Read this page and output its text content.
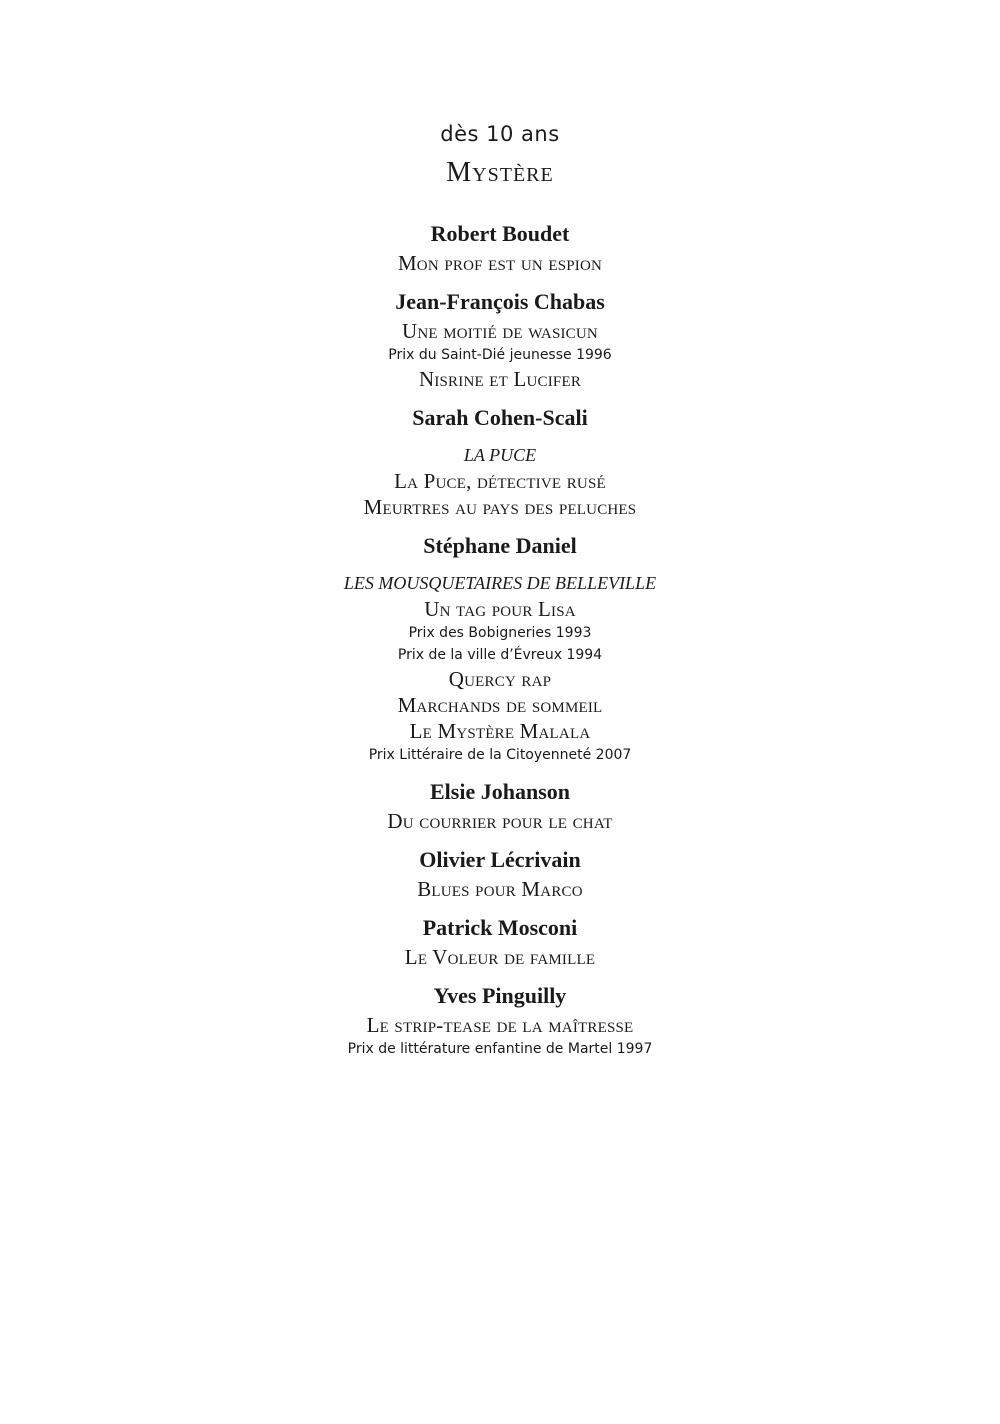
dès 10 ans
Mystère
Robert Boudet
Mon prof est un espion
Jean-François Chabas
Une moitié de wasicun
Prix du Saint-Dié jeunesse 1996
Nisrine et Lucifer
Sarah Cohen-Scali
LA PUCE
La Puce, détective rusé
Meurtres au pays des peluches
Stéphane Daniel
LES MOUSQUETAIRES DE BELLEVILLE
Un tag pour Lisa
Prix des Bobigneries 1993
Prix de la ville d’Évreux 1994
Quercy rap
Marchands de sommeil
Le Mystère Malala
Prix Littéraire de la Citoyenneté 2007
Elsie Johanson
Du courrier pour le chat
Olivier Lécrivain
Blues pour Marco
Patrick Mosconi
Le Voleur de famille
Yves Pinguilly
Le strip-tease de la maîtresse
Prix de littérature enfantine de Martel 1997
